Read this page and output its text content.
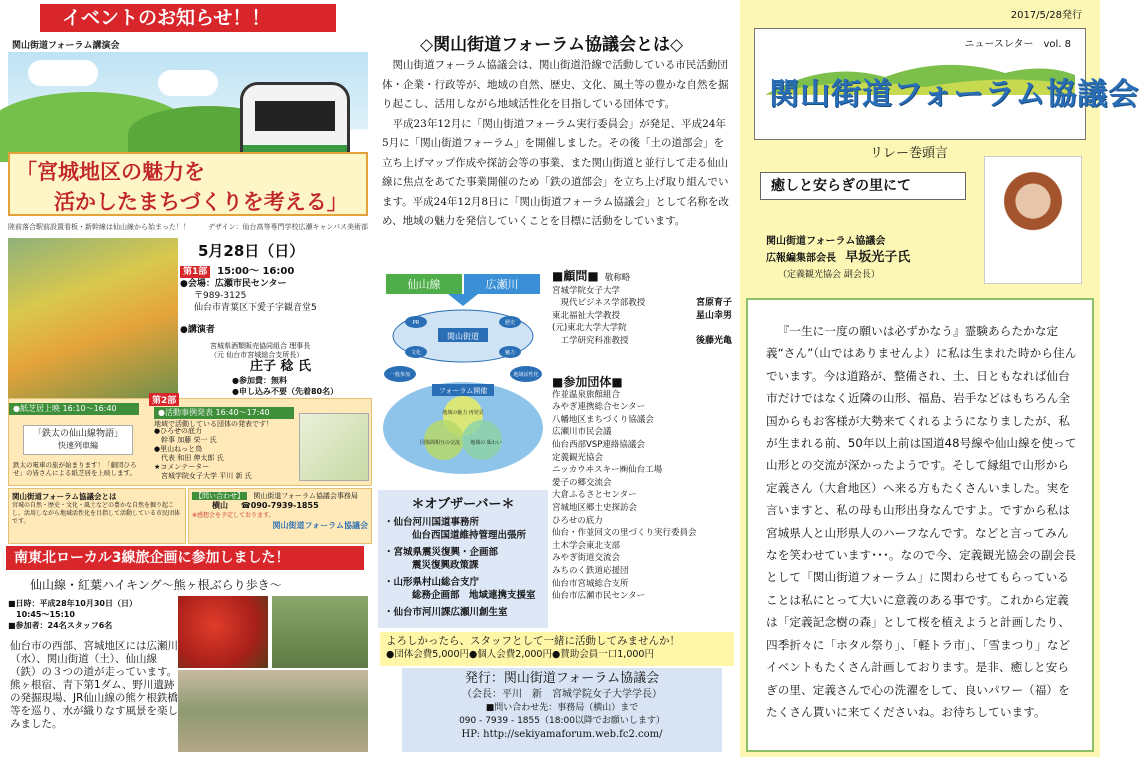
イベントのお知らせ！！
関山街道フォーラム講演会
「宮城地区の魅力を
活かしたまちづくりを考える」
陸前落合駅前設置看板・新幹線は仙山線から始まった！！	デザイン：仙台高等専門学校広瀬キャンパス美術部
5月28日（日）
第1部 15:00～ 16:00
●会場：広瀬市民センター
〒989-3125
仙台市青葉区下愛子字観音堂5
●講演者
宮城県酒類販売協同組合 理事長
（元 仙台市宮城総合支所長）
庄子 稔 氏
●参加費：無料
●申し込み不要（先着80名）
第2部
●紙芝居上映 16:10～16:40
「鉄太の仙山線物語」
快速列車編
鉄太の電車の旅が始まります！「劇団ひろせ」の皆さんによる紙芝居を上映します。
●活動事例発表 16:40～17:40
地域で活動している団体の発表です！
●ひろせの底力
　幹事 加藤 栄一 氏
●里山ねっと鳥
　代表 和田 伸太郎 氏
★コメンテーター
　宮城学院女子大学 平川 新 氏
関山街道フォーラム協議会とは
宮城の自然・歴史・文化・風土などの豊かな自然を掘り起こし、活用しながら地域活性化を目指して活動している市民団体です。
【問い合わせ】 関山街道フォーラム協議会事務局
横山 ☎090-7939-1855
※感想会を予定しております。
関山街道フォーラム協議会
南東北ローカル3線旅企画に参加しました！
仙山線・紅葉ハイキング～熊ヶ根ぶらり歩き～
■日時：平成28年10月30日（日）
　10:45～15:10
■参加者：24名スタッフ6名
仙台市の西部、宮城地区には広瀬川（水）、関山街道（土）、仙山線（鉄）の３つの道が走っています。熊ヶ根宿、青下第1ダム、野川遺跡の発掘現場、JR仙山線の熊ケ根鉄橋 等を巡り、水が織りなす風景を楽しみました。
◇関山街道フォーラム協議会とは◇

関山街道フォーラム協議会は、関山街道沿線で活動している市民活動団体・企業・行政等が、地域の自然、歴史、文化、風土等の豊かな自然を掘り起こし、活用しながら地域活性化を目指している団体です。

平成23年12月に「関山街道フォーラム実行委員会」が発足、平成24年5月に「関山街道フォーラム」を開催しました。その後「土の道部会」を立ち上げマップ作成や探訪会等の事業、また関山街道と並行して走る仙山線に焦点をあてた事業開催のため「鉄の道部会」を立ち上げ取り組んでいます。平成24年12月8日に「関山街道フォーラム協議会」として名称を改め、地域の魅力を発信していくことを目標に活動をしています。

仙山線	広瀬川
関山街道
PR	歴史
文化	魅力
一般参加	地域活性化
フォーラム開催
地域の魅力 再発見
団体間相互の交流 地域の 賑わい
■顧問■ 敬称略
宮城学院女子大学
　現代ビジネス学部教授	宮原育子
東北福祉大学教授	星山幸男
(元)東北大学大学院
　工学研究科准教授	後藤光亀
■参加団体■
作並温泉旅館組合
みやぎ連携総合センター
八幡地区まちづくり協議会
広瀬川市民会議
仙台西部VSP連絡協議会
定義観光協会
ニッカウヰスキー㈱仙台工場
愛子の郷交流会
大倉ふるさとセンター
宮城地区郷土史探訪会
ひろせの底力
仙台・作並回文の里づくり実行委員会
土木学会東北支部
みやぎ街道交流会
みちのく鉄道応援団
仙台市宮城総合支所
仙台市広瀬市民センター
＊オブザーバー＊
・仙台河川国道事務所
仙台西国道維持管理出張所
・宮城県震災復興・企画部
震災復興政策課
・山形県村山総合支庁
総務企画部　地域連携支援室
・仙台市河川課広瀬川創生室
よろしかったら、スタッフとして一緒に活動してみませんか！
●団体会費5,000円●個人会費2,000円●賛助会員一口1,000円
発行：関山街道フォーラム協議会
（会長：平川　新　宮城学院女子大学学長）
■問い合わせ先：事務局（横山）まで
090 - 7939 - 1855（18:00以降でお願いします）
HP: http://sekiyamaforum.web.fc2.com/
2017/5/28発行
ニュースレター　vol. 8
関山街道フォーラム協議会
リレー巻頭言
癒しと安らぎの里にて
関山街道フォーラム協議会
広報編集部会長 早坂光子氏
（定義観光協会 副会長）
『一生に一度の願いは必ずかなう』霊験あらたかな定義“さん”（山ではありませんよ）に私は生まれた時から住んでいます。今は道路が、整備され、土、日ともなれば仙台市だけではなく近隣の山形、福島、岩手などはもちろん全国からもお客様が大勢来てくれるようになりましたが、私が生まれる前、50年以上前は国道48号線や仙山線を使って山形との交流が深かったようです。そして縁組で山形から定義さん（大倉地区）へ来る方もたくさんいました。実を言いますと、私の母も山形出身なんですよ。ですから私は宮城県人と山形県人のハーフなんです。などと言ってみんなを笑わせています･･･。なので今、定義観光協会の副会長として「関山街道フォーラム」に関わらせてもらっていることは私にとって大いに意義のある事です。これから定義は「定義記念樹の森」として桜を植えようと計画したり、四季折々に「ホタル祭り」、「軽トラ市」、「雪まつり」などイベントもたくさん計画しております。是非、癒しと安らぎの里、定義さんで心の洗濯をして、良いパワー（福）をたくさん貰いに来てくださいね。お待ちしています。
